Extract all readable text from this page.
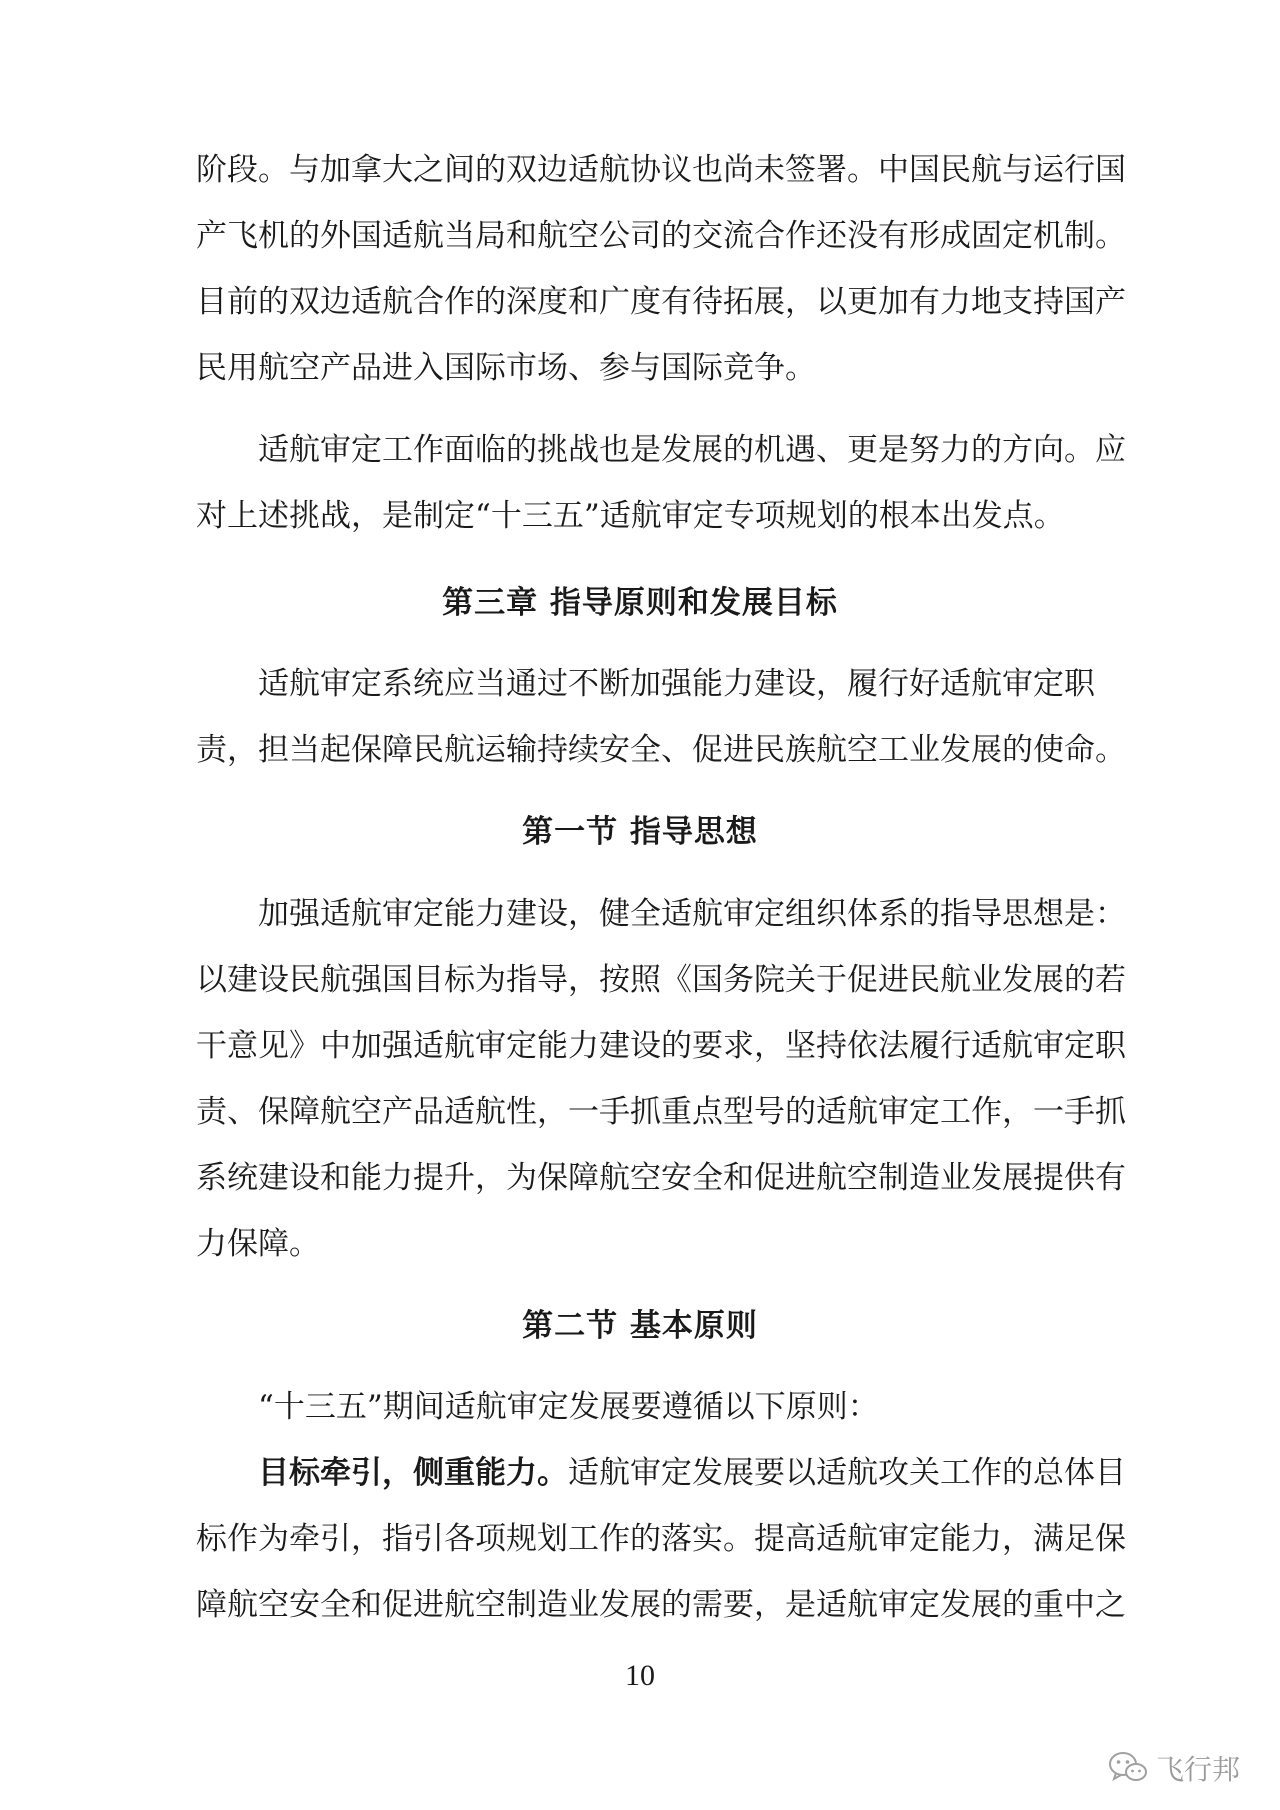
阶段。与加拿大之间的双边适航协议也尚未签署。中国民航与运行国
产飞机的外国适航当局和航空公司的交流合作还没有形成固定机制。
目前的双边适航合作的深度和广度有待拓展，以更加有力地支持国产
民用航空产品进入国际市场、参与国际竞争。
　　适航审定工作面临的挑战也是发展的机遇、更是努力的方向。应
对上述挑战，是制定“十三五”适航审定专项规划的根本出发点。
第三章 指导原则和发展目标
　　适航审定系统应当通过不断加强能力建设，履行好适航审定职
责，担当起保障民航运输持续安全、促进民族航空工业发展的使命。
第一节 指导思想
　　加强适航审定能力建设，健全适航审定组织体系的指导思想是：
以建设民航强国目标为指导，按照《国务院关于促进民航业发展的若
干意见》中加强适航审定能力建设的要求，坚持依法履行适航审定职
责、保障航空产品适航性，一手抓重点型号的适航审定工作，一手抓
系统建设和能力提升，为保障航空安全和促进航空制造业发展提供有
力保障。
第二节 基本原则
　　“十三五”期间适航审定发展要遵循以下原则：
目标牵引，侧重能力。适航审定发展要以适航攻关工作的总体目
标作为牵引，指引各项规划工作的落实。提高适航审定能力，满足保
障航空安全和促进航空制造业发展的需要，是适航审定发展的重中之
10
飞行邦
